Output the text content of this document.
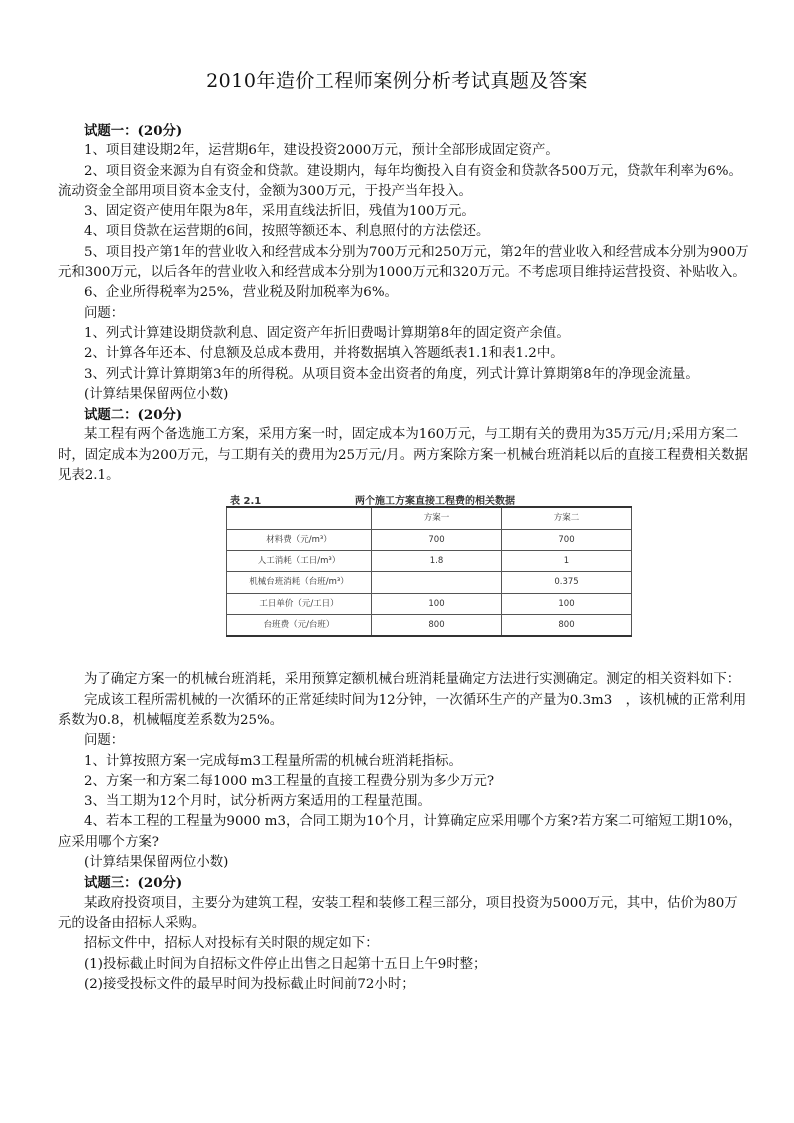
2010年造价工程师案例分析考试真题及答案

试题一：(20分)

1、项目建设期2年，运营期6年，建设投资2000万元，预计全部形成固定资产。

2、项目资金来源为自有资金和贷款。建设期内，每年均衡投入自有资金和贷款各500万元，贷款年利率为6%。流动资金全部用项目资本金支付，金额为300万元，于投产当年投入。

3、固定资产使用年限为8年，采用直线法折旧，残值为100万元。

4、项目贷款在运营期的6间，按照等额还本、利息照付的方法偿还。

5、项目投产第1年的营业收入和经营成本分别为700万元和250万元，第2年的营业收入和经营成本分别为900万元和300万元，以后各年的营业收入和经营成本分别为1000万元和320万元。不考虑项目维持运营投资、补贴收入。

6、企业所得税率为25%，营业税及附加税率为6%。

问题：

1、列式计算建设期贷款利息、固定资产年折旧费喝计算期第8年的固定资产余值。

2、计算各年还本、付息额及总成本费用，并将数据填入答题纸表1.1和表1.2中。

3、列式计算计算期第3年的所得税。从项目资本金出资者的角度，列式计算计算期第8年的净现金流量。

(计算结果保留两位小数)

试题二：(20分)

某工程有两个备选施工方案，采用方案一时，固定成本为160万元，与工期有关的费用为35万元/月;采用方案二时，固定成本为200万元，与工期有关的费用为25万元/月。两方案除方案一机械台班消耗以后的直接工程费相关数据见表2.1。

表 2.1	两个施工方案直接工程费的相关数据
	方案一	方案二
材料费（元/m³）	700	700
人工消耗（工日/m³）	1.8	1
机械台班消耗（台班/m³）		0.375
工日单价（元/工日）	100	100
台班费（元/台班）	800	800

为了确定方案一的机械台班消耗，采用预算定额机械台班消耗量确定方法进行实测确定。测定的相关资料如下：

完成该工程所需机械的一次循环的正常延续时间为12分钟，一次循环生产的产量为0.3m3　，该机械的正常利用系数为0.8，机械幅度差系数为25%。

问题：

1、计算按照方案一完成每m3工程量所需的机械台班消耗指标。

2、方案一和方案二每1000 m3工程量的直接工程费分别为多少万元?

3、当工期为12个月时，试分析两方案适用的工程量范围。

4、若本工程的工程量为9000 m3，合同工期为10个月，计算确定应采用哪个方案?若方案二可缩短工期10%，应采用哪个方案?

(计算结果保留两位小数)

试题三：(20分)

某政府投资项目，主要分为建筑工程，安装工程和装修工程三部分，项目投资为5000万元，其中，估价为80万元的设备由招标人采购。

招标文件中，招标人对投标有关时限的规定如下：

(1)投标截止时间为自招标文件停止出售之日起第十五日上午9时整；

(2)接受投标文件的最早时间为投标截止时间前72小时；
